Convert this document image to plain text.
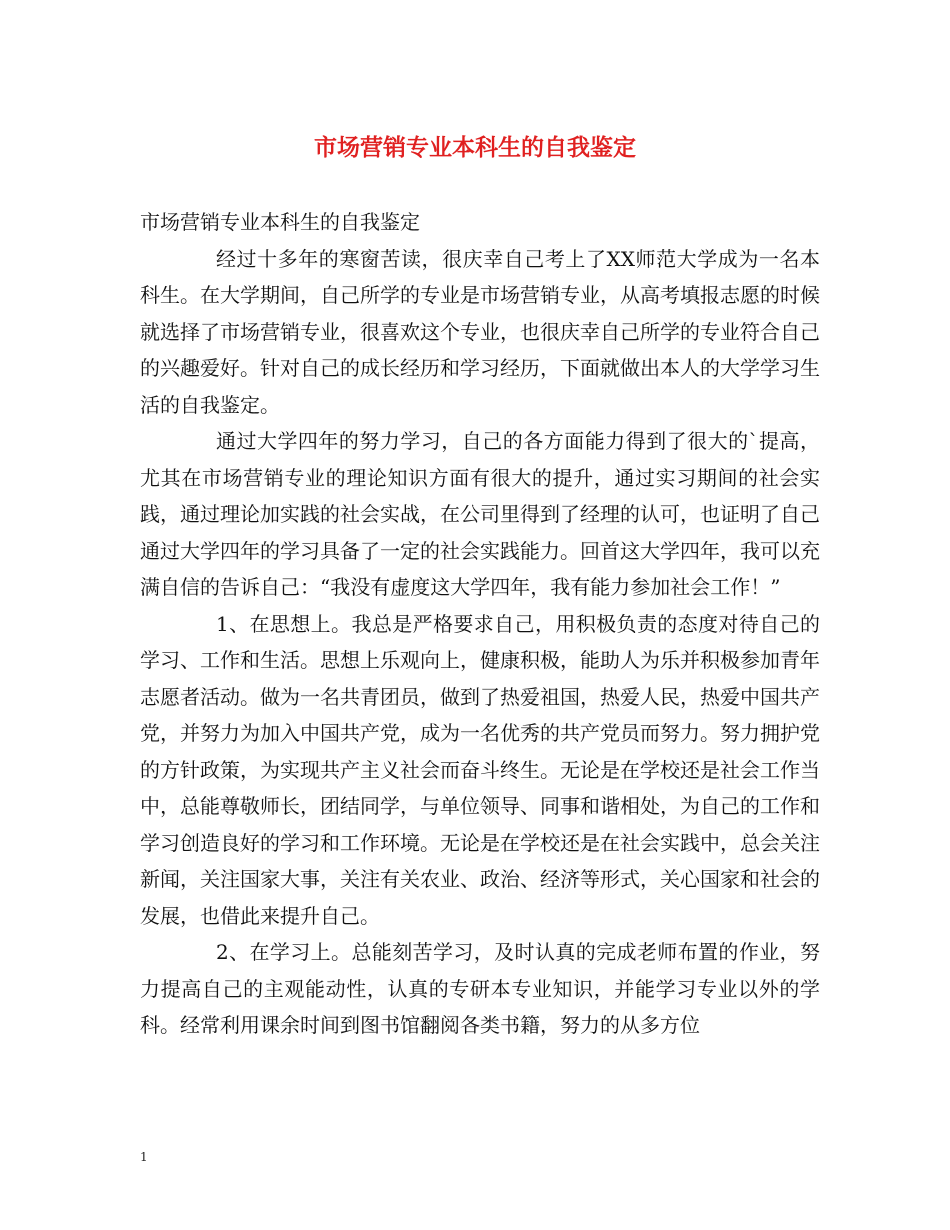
市场营销专业本科生的自我鉴定

市场营销专业本科生的自我鉴定

经过十多年的寒窗苦读，很庆幸自己考上了XX师范大学成为一名本科生。在大学期间，自己所学的专业是市场营销专业，从高考填报志愿的时候就选择了市场营销专业，很喜欢这个专业，也很庆幸自己所学的专业符合自己的兴趣爱好。针对自己的成长经历和学习经历，下面就做出本人的大学学习生活的自我鉴定。

通过大学四年的努力学习，自己的各方面能力得到了很大的`提高，尤其在市场营销专业的理论知识方面有很大的提升，通过实习期间的社会实践，通过理论加实践的社会实战，在公司里得到了经理的认可，也证明了自己通过大学四年的学习具备了一定的社会实践能力。回首这大学四年，我可以充满自信的告诉自己：“我没有虚度这大学四年，我有能力参加社会工作！”

1、在思想上。我总是严格要求自己，用积极负责的态度对待自己的学习、工作和生活。思想上乐观向上，健康积极，能助人为乐并积极参加青年志愿者活动。做为一名共青团员，做到了热爱祖国，热爱人民，热爱中国共产党，并努力为加入中国共产党，成为一名优秀的共产党员而努力。努力拥护党的方针政策，为实现共产主义社会而奋斗终生。无论是在学校还是社会工作当中，总能尊敬师长，团结同学，与单位领导、同事和谐相处，为自己的工作和学习创造良好的学习和工作环境。无论是在学校还是在社会实践中，总会关注新闻，关注国家大事，关注有关农业、政治、经济等形式，关心国家和社会的发展，也借此来提升自己。

2、在学习上。总能刻苦学习，及时认真的完成老师布置的作业，努力提高自己的主观能动性，认真的专研本专业知识，并能学习专业以外的学科。经常利用课余时间到图书馆翻阅各类书籍，努力的从多方位

1
